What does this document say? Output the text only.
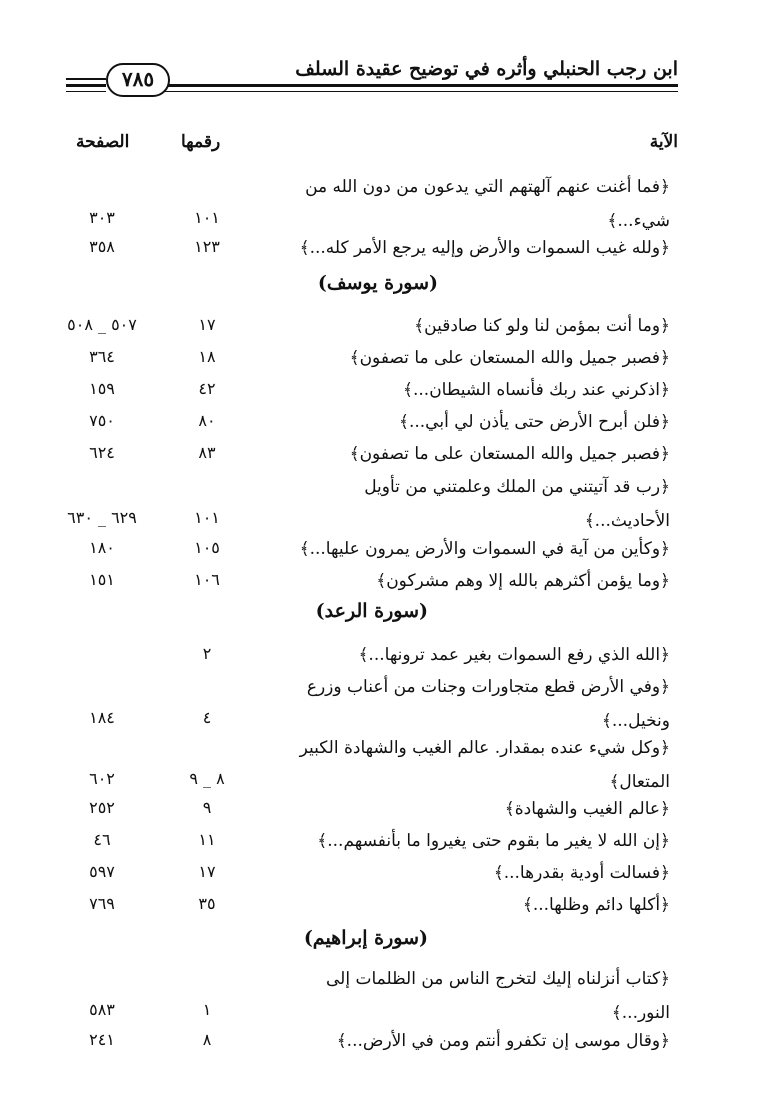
٧٨٥	ابن رجب الحنبلي وأثره في توضيح عقيدة السلف
الآية
رقمها
الصفحة
﴿فما أغنت عنهم آلهتهم التي يدعون من دون الله من
شيء...﴾
١٠١
٣٠٣
﴿ولله غيب السموات والأرض وإليه يرجع الأمر كله...﴾
١٢٣
٣٥٨
(سورة يوسف)
﴿وما أنت بمؤمن لنا ولو كنا صادقين﴾
١٧
٥٠٧ _ ٥٠٨
﴿فصبر جميل والله المستعان على ما تصفون﴾
١٨
٣٦٤
﴿اذكرني عند ربك فأنساه الشيطان...﴾
٤٢
١٥٩
﴿فلن أبرح الأرض حتى يأذن لي أبي...﴾
٨٠
٧٥٠
﴿فصبر جميل والله المستعان على ما تصفون﴾
٨٣
٦٢٤
﴿رب قد آتيتني من الملك وعلمتني من تأويل
الأحاديث...﴾
١٠١
٦٢٩ _ ٦٣٠
﴿وكأين من آية في السموات والأرض يمرون عليها...﴾
١٠٥
١٨٠
﴿وما يؤمن أكثرهم بالله إلا وهم مشركون﴾
١٠٦
١٥١
(سورة الرعد)
﴿الله الذي رفع السموات بغير عمد ترونها...﴾
٢
﴿وفي الأرض قطع متجاورات وجنات من أعناب وزرع
ونخيل...﴾
٤
١٨٤
﴿وكل شيء عنده بمقدار. عالم الغيب والشهادة الكبير
المتعال﴾
٨ _ ٩
٦٠٢
﴿عالم الغيب والشهادة﴾
٩
٢٥٢
﴿إن الله لا يغير ما بقوم حتى يغيروا ما بأنفسهم...﴾
١١
٤٦
﴿فسالت أودية بقدرها...﴾
١٧
٥٩٧
﴿أكلها دائم وظلها...﴾
٣٥
٧٦٩
(سورة إبراهيم)
﴿كتاب أنزلناه إليك لتخرج الناس من الظلمات إلى
النور...﴾
١
٥٨٣
﴿وقال موسى إن تكفرو أنتم ومن في الأرض...﴾
٨
٢٤١
